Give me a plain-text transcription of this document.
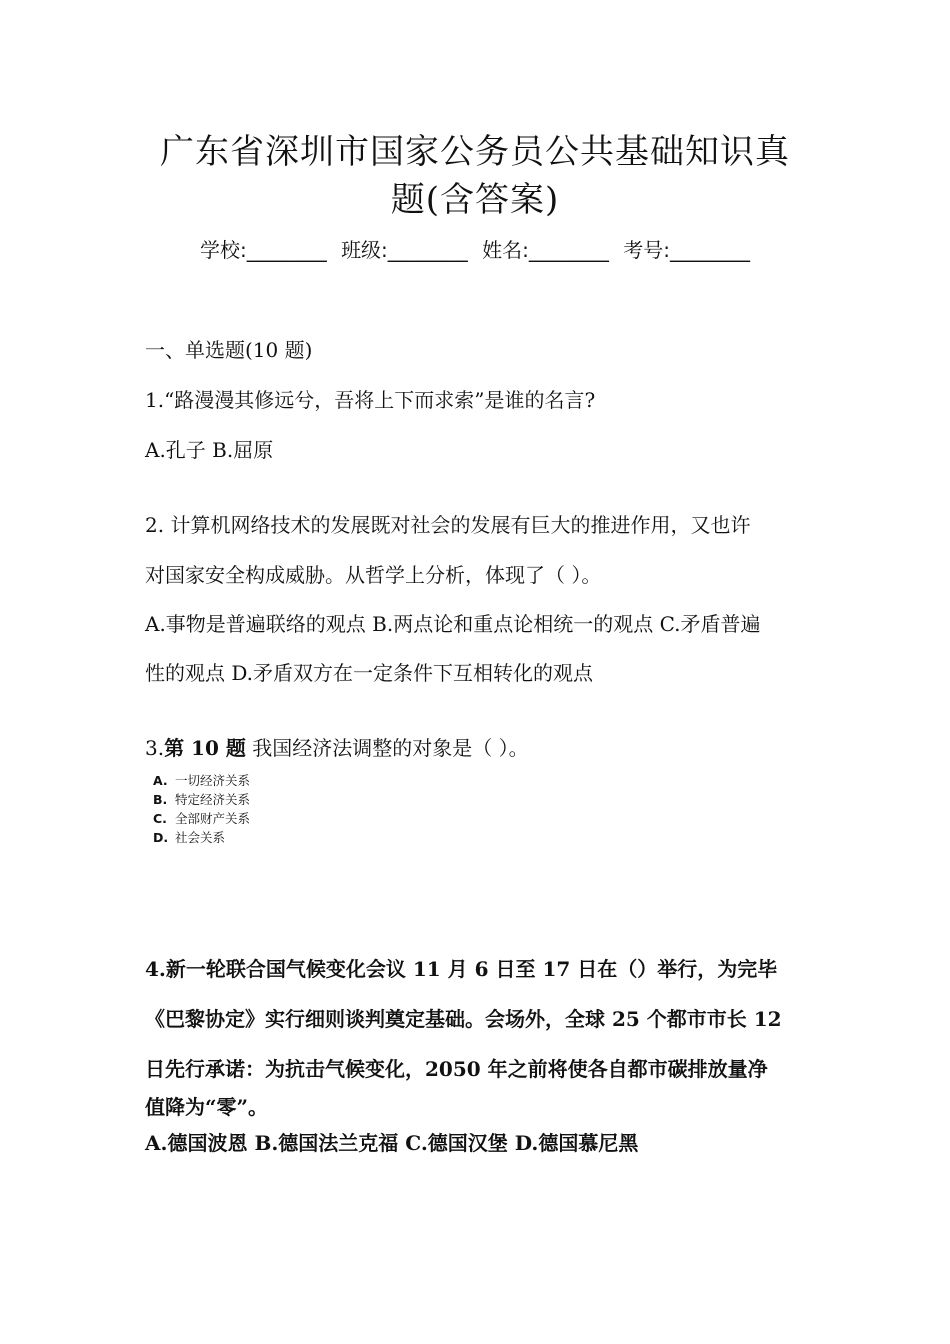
广东省深圳市国家公务员公共基础知识真
题(含答案)
学校:________ 班级:________ 姓名:________ 考号:________
一、单选题(10 题)
1.“路漫漫其修远兮，吾将上下而求索”是谁的名言?
A.孔子 B.屈原
2. 计算机网络技术的发展既对社会的发展有巨大的推进作用，又也许
对国家安全构成威胁。从哲学上分析，体现了（ ）。
A.事物是普遍联络的观点 B.两点论和重点论相统一的观点 C.矛盾普遍
性的观点 D.矛盾双方在一定条件下互相转化的观点
3.第 10 题 我国经济法调整的对象是（ ）。
A. 一切经济关系
B. 特定经济关系
C. 全部财产关系
D. 社会关系
4.新一轮联合国气候变化会议 11 月 6 日至 17 日在（）举行，为完毕
《巴黎协定》实行细则谈判奠定基础。会场外，全球 25 个都市市长 12
日先行承诺：为抗击气候变化，2050 年之前将使各自都市碳排放量净
值降为“零”。
A.德国波恩 B.德国法兰克福 C.德国汉堡 D.德国慕尼黑
